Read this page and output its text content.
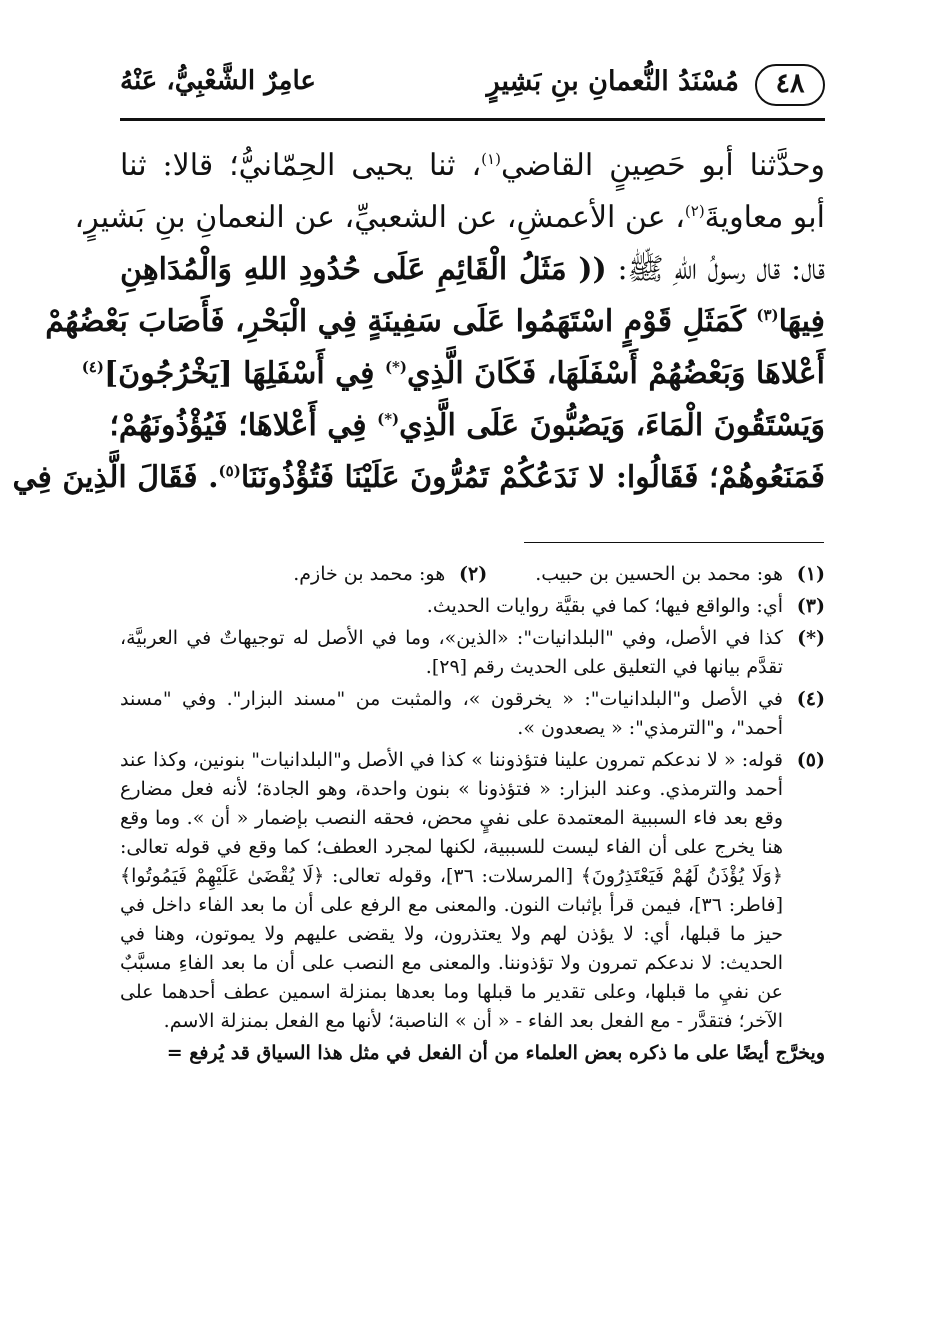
٤٨
مُسْنَدُ النُّعمانِ بنِ بَشِيرٍ
عامِرٌ الشَّعْبِيُّ، عَنْهُ
وحدَّثنا أبو حَصِينٍ القاضي$^{(١)}$، ثنا يحيى الحِمّانيُّ؛ قالا: ثنا
أبو معاويةَ$^{(٢)}$، عن الأعمشِ، عن الشعبيِّ، عن النعمانِ بنِ بَشيرٍ،
قال: قال رسولُ اللهِ ﷺ: (( مَثَلُ الْقَائِمِ عَلَى حُدُودِ اللهِ وَالْمُدَاهِنِ
فِيهَا$^{(٣)}$ كَمَثَلِ قَوْمٍ اسْتَهَمُوا عَلَى سَفِينَةٍ فِي الْبَحْرِ، فَأَصَابَ بَعْضُهُمْ
أَعْلاهَا وَبَعْضُهُمْ أَسْفَلَهَا، فَكَانَ الَّذِي(*) فِي أَسْفَلِهَا [يَخْرُجُونَ]$^{(٤)}$
وَيَسْتَقُونَ الْمَاءَ، وَيَصُبُّونَ عَلَى الَّذِي(*) فِي أَعْلاهَا؛ فَيُؤْذُونَهُمْ؛
فَمَنَعُوهُمْ؛ فَقَالُوا: لا نَدَعُكُمْ تَمُرُّونَ عَلَيْنَا فَتُؤْذُونَنَا$^{(٥)}$. فَقَالَ الَّذِينَ فِي
(١)
هو: محمد بن الحسين بن حبيب.
(٢)
هو: محمد بن خازم.
(٣)
أي: والواقع فيها؛ كما في بقيَّة روايات الحديث.
(*)
كذا في الأصل، وفي "البلدانيات": «الذين»، وما في الأصل له توجيهاتٌ في العربيَّة، تقدَّم بيانها في التعليق على الحديث رقم [٢٩].
(٤)
في الأصل و"البلدانيات": « يخرقون »، والمثبت من "مسند البزار". وفي "مسند أحمد"، و"الترمذي": « يصعدون ».
(٥)
قوله: « لا ندعكم تمرون علينا فتؤذوننا » كذا في الأصل و"البلدانيات" بنونين، وكذا عند أحمد والترمذي. وعند البزار: « فتؤذونا » بنون واحدة، وهو الجادة؛ لأنه فعل مضارع وقع بعد فاء السببية المعتمدة على نفيٍ محض، فحقه النصب بإضمار « أن ». وما وقع هنا يخرج على أن الفاء ليست للسببية، لكنها لمجرد العطف؛ كما وقع في قوله تعالى: ﴿وَلَا يُؤْذَنُ لَهُمْ فَيَعْتَذِرُونَ﴾ [المرسلات: ٣٦]، وقوله تعالى: ﴿لَا يُقْضَىٰ عَلَيْهِمْ فَيَمُوتُوا﴾ [فاطر: ٣٦]، فيمن قرأ بإثبات النون. والمعنى مع الرفع على أن ما بعد الفاء داخل في حيز ما قبلها، أي: لا يؤذن لهم ولا يعتذرون، ولا يقضى عليهم ولا يموتون، وهنا في الحديث: لا ندعكم تمرون ولا تؤذوننا. والمعنى مع النصب على أن ما بعد الفاءِ مسبَّبٌ عن نفيِ ما قبلها، وعلى تقدير ما قبلها وما بعدها بمنزلة اسمين عطف أحدهما على الآخر؛ فتقدَّر - مع الفعل بعد الفاء - « أن » الناصبة؛ لأنها مع الفعل بمنزلة الاسم.
ويخرَّج أيضًا على ما ذكره بعض العلماء من أن الفعل في مثل هذا السياق قد يُرفع =
